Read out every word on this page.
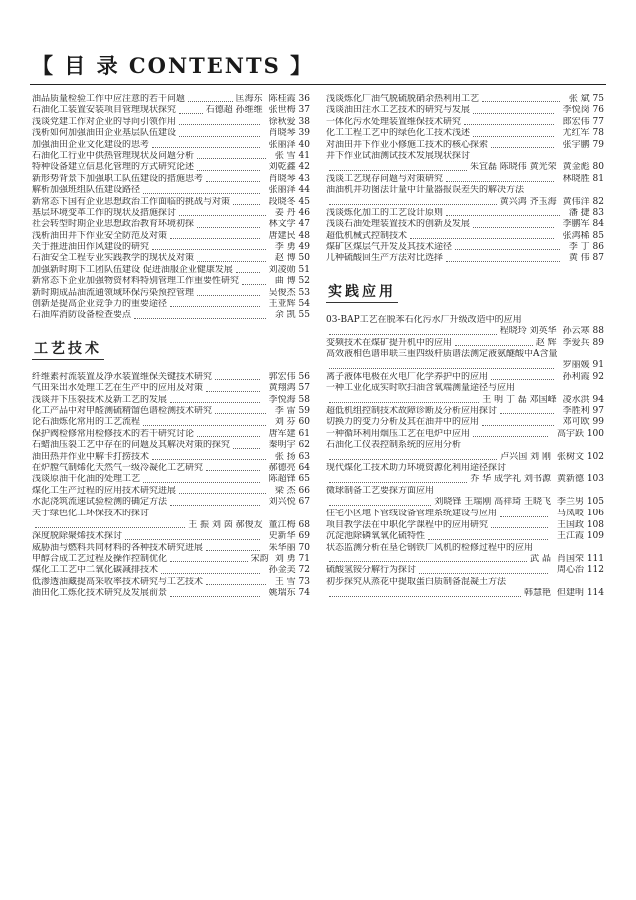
【 目 录 CONTENTS 】
油品质量检验工作中应注意的若干问题	匡海东 陈桂霞 36
石油化工装置安装项目管理现状探究	石德超 孙维维 张世梅 37
浅谈党建工作对企业的导向引领作用	徐秋爱 38
浅析如何加强油田企业基层队伍建设	肖晓琴 39
加强油田企业文化建设的思考	张丽泽 40
石油化工行业中供热管理现状及问题分析	张 雪 41
特种设备建立信息化管理的方式研究论述	刘乾鑫 42
新形势背景下加强职工队伍建设的措施思考	肖晓琴 43
解析加强班组队伍建设路径	张丽泽 44
新常态下国有企业思想政治工作面临的挑战与对策	段晓冬 45
基层环境变革工作的现状及措施探讨	姜 丹 46
社会转型时期企业思想政治教育环境初探	林文学 47
浅析油田井下作业安全防范及对策	唐建民 48
关于推进油田作风建设的研究	李 勇 49
石油安全工程专业实践教学的现状及对策	赵 博 50
加强新时期下工团队伍建设 促进油服企业健康发展	刘凌勋 51
新常态下企业加强物资材料特别管理工作重要性研究	曲 博 52
新时期成品油流通领域环保污染预控管理	吴俊杰 53
创新是提高企业竞争力的重要途径	王亚辉 54
石油库消防设备检查要点	余 凯 55
工艺技术
纤维素衬流装置及净水装置维保关键技术研究	郭宏伟 56
气田采出水处理工艺在生产中的应用及对策	黄翔鸿 57
浅谈井下压裂技术及新工艺的发展	李悦海 58
化工产品中对甲醛测硫精馏色谱检测技术研究	李 雷 59
论石油炼化常用的工艺流程	刘 芬 60
保护阀检修常用检修技术的若干研究讨论	唐军建 61
石蜡油压裂工艺中存在的问题及其解决对策的探究	秦明宇 62
油田热井作业中解卡打捞技术	张 扬 63
在炉膛气制烯化天然气一级冷凝化工艺研究	郝德亮 64
浅谈原油干化油的处理工艺	陈超锋 65
煤化工生产过程的应用技术研究进展	梁 杰 66
水泥浇筑流速试验检测的确定方法	刘兴悦 67
关于绿色化工环保技术的探讨
王 振 刘 茵 郝俊友 董江梅 68
深度脱除聚烯技术探讨	史新华 69
威胁油与燃料共同材料的各种技术研究进展	朱华丽 70
甲醇合成工艺过程及操作控制优化	宋韵 刘 勇 71
煤化工工艺中二氧化碳减排技术	孙金美 72
低渗透油藏提高采收率技术研究与工艺技术	王 雪 73
油田化工炼化技术研究及发展前景	姚瑞东 74
浅谈炼化厂油气脱硫脱硝余热利用工艺	张 斌 75
浅谈油田注水工艺技术的研究与发展	李悦岗 76
一体化污水处理装置维保技术研究	郎宏伟 77
化工工程工艺中的绿色化工技术浅述	尤红军 78
对油田井下作业小修施工技术的核心探索	张宇鹏 79
井下作业试油测试技术发展现状探讨
朱宜磊 陈晓伟 黄光荣 黄金彪 80
浅谈工艺现存问题与对策研究	林晓胜 81
油油机井功图法计量中计量器报误差失的解决方法
黄兴鸿 齐玉海 黄伟洋 82
浅谈炼化加工的工艺设计原则	潘 捷 83
浅谈石油处理装置技术的创新及发展	李鹏军 84
超低机械式控制技术	张鸿稀 85
煤矿区煤层气开发及其技术途径	李 丁 86
几种硫酸回生产方法对比选择	黄 伟 87
实践应用
03-BAP工艺在脱苯石化污水厂升级改造中的应用
程晓玲 刘英华 孙云寒 88
变频技术在煤矿提升机中的应用	赵 辉 李爱兵 89
高效液相色谱串联三重四级杆质谱法测定液氨醚酸中A含量
罗丽媛 91
离子液体电极在火电厂化学养护中的应用	孙利霞 92
一种工业化成实时吹扫油含氧端测量途径与应用
王 明 丁 磊 邓国峰 凌水洪 94
超低机组控制技术故障诊断及分析应用探讨	李胜利 97
切换力的变力分析及其在油井中的应用	邓可欧 99
一种循环利用烟压工艺在电炉中应用	高宇跃 100
石油化工仪表控制系统的应用分析
卢兴国 刘 刚 张树文 102
现代煤化工技术助力环境资源化利用途径探讨
乔 华 成学礼 刘书源 黄新德 103
微球制备工艺要探方面应用
刘晓锋 王瑞刚 高祥琦 王晓飞 李兰男 105
住宅小区地下管线设备管理系统建设与应用	马凤岐 106
项目教学法在中职化学课程中的应用研究	王国政 108
沉淀池除磷氧氧化硫特性	王江霞 109
状态监测分析在垦仑钢铁厂风机的检修过程中的应用
武 晶 肖国荣 111
硫酸氢铵分解行为探讨	周心治 112
初步探究从蒸花中提取蛋白质制备混凝土方法
韩慧艳 但建明 114
